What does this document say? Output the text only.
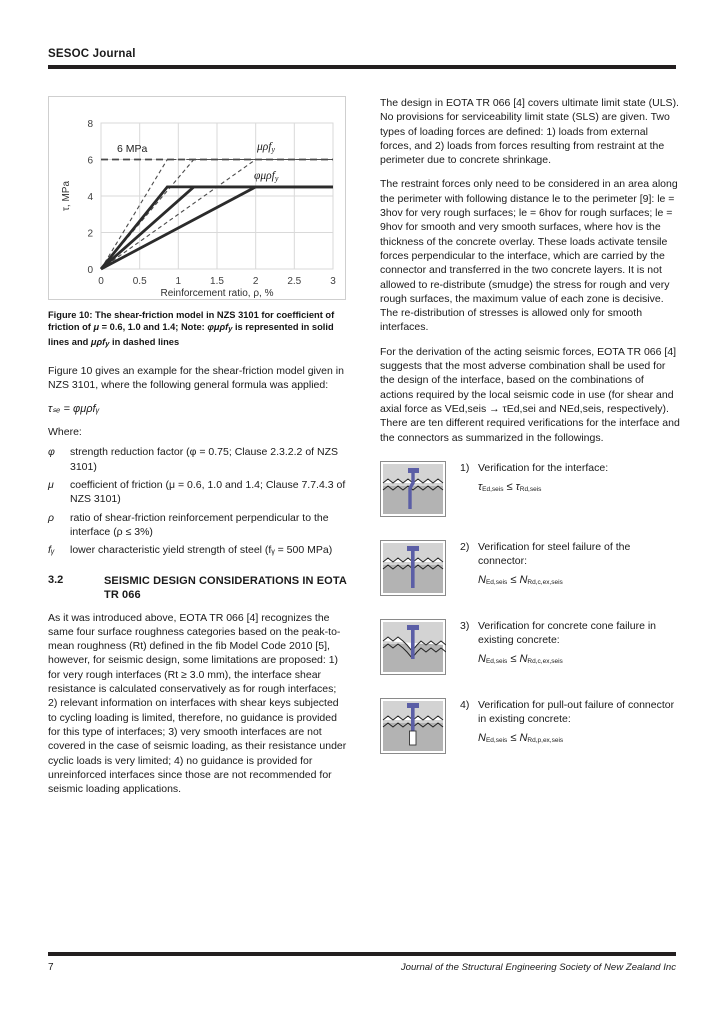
SESOC Journal
8
6
4
2
0
0	0.5	1	1.5	2	2.5	3
Reinforcement ratio, ρ, %
τ, MPa
6 MPa	μρfy
φμρfy
Figure 10: The shear-friction model in NZS 3101 for coefficient of friction of μ = 0.6, 1.0 and 1.4; Note: φμρf$_y$ is represented in solid lines and μρf$_y$ in dashed lines

Figure 10 gives an example for the shear-friction model given in NZS 3101, where the following general formula was applied:

τₛₑ = φμρfᵧ
Where:
φ	strength reduction factor (φ = 0.75; Clause 2.3.2.2 of NZS 3101)
μ	coefficient of friction (μ = 0.6, 1.0 and 1.4; Clause 7.7.4.3 of NZS 3101)
ρ	ratio of shear-friction reinforcement perpendicular to the interface (ρ ≤ 3%)
fᵧ	lower characteristic yield strength of steel (fᵧ = 500 MPa)
3.2	SEISMIC DESIGN CONSIDERATIONS IN EOTA TR 066

As it was introduced above, EOTA TR 066 [4] recognizes the same four surface roughness categories based on the peak-to-mean roughness (Rt) defined in the fib Model Code 2010 [5], however, for seismic design, some limitations are proposed: 1) for very rough interfaces (Rt ≥ 3.0 mm), the interface shear resistance is calculated conservatively as for rough interfaces; 2) relevant information on interfaces with shear keys subjected to cycling loading is limited, therefore, no guidance is provided for this type of interfaces; 3) very smooth interfaces are not covered in the case of seismic loading, as their resistance under cyclic loads is very limited; 4) no guidance is provided for unreinforced interfaces since those are not recommended for seismic loading applications.

The design in EOTA TR 066 [4] covers ultimate limit state (ULS). No provisions for serviceability limit state (SLS) are given. Two types of loading forces are defined: 1) loads from external forces, and 2) loads from forces resulting from restraint at the perimeter due to concrete shrinkage.

The restraint forces only need to be considered in an area along the perimeter with following distance le to the perimeter [9]: le = 3hov for very rough surfaces; le = 6hov for rough surfaces; le = 9hov for smooth and very smooth surfaces, where hov is the thickness of the concrete overlay. These loads activate tensile forces perpendicular to the interface, which are carried by the connector and transferred in the two concrete layers. It is not allowed to re-distribute (smudge) the stress for rough and very rough surfaces, the maximum value of each zone is decisive. The re-distribution of stresses is allowed only for smooth interfaces.

For the derivation of the acting seismic forces, EOTA TR 066 [4] suggests that the most adverse combination shall be used for the design of the interface, based on the combinations of actions required by the local seismic code in use (for shear and axial force as VEd,seis → τEd,sei and NEd,seis, respectively). There are ten different required verifications for the interface and the connectors as summarized in the followings.

1) Verification for the interface:
$\tau_{Ed,seis} \le \tau_{Rd,seis}$
2) Verification for steel failure of the connector:
$N_{Ed,seis} \le N_{Rd,c,ex,seis}$
3) Verification for concrete cone failure in existing concrete:
$N_{Ed,seis} \le N_{Rd,c,ex,seis}$
4) Verification for pull-out failure of connector in existing concrete:
$N_{Ed,seis} \le N_{Rd,p,ex,seis}$
7	Journal of the Structural Engineering Society of New Zealand Inc
